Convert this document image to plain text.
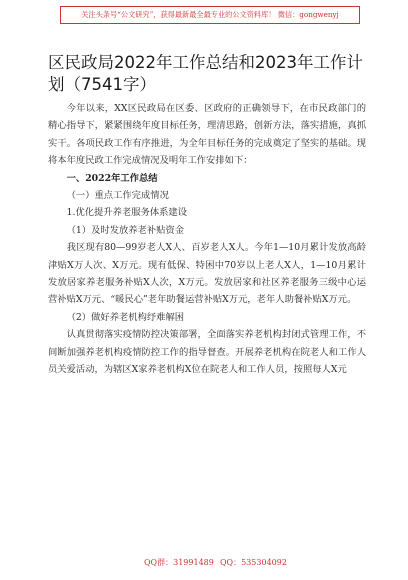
关注头条号“公文研究”，获得最新最全最专业的公文资料库！ 微信：gongwenyj
区民政局2022年工作总结和2023年工作计划（7541字）

今年以来，XX区民政局在区委、区政府的正确领导下，在市民政部门的精心指导下，紧紧围绕年度目标任务，理清思路，创新方法，落实措施，真抓实干。各项民政工作有序推进，为全年目标任务的完成奠定了坚实的基础。现将本年度民政工作完成情况及明年工作安排如下：

一、2022年工作总结

（一）重点工作完成情况

1.优化提升养老服务体系建设

（1）及时发放养老补贴资金

我区现有80—99岁老人X人、百岁老人X人。今年1—10月累计发放高龄津贴X万人次、X万元。现有低保、特困中70岁以上老人X人，1—10月累计发放居家养老服务补贴X人次，X万元。发放居家和社区养老服务三级中心运营补贴X万元、“暖民心”老年助餐运营补贴X万元，老年人助餐补贴X万元。

（2）做好养老机构纾难解困

认真贯彻落实疫情防控决策部署，全面落实养老机构封闭式管理工作，不间断加强养老机构疫情防控工作的指导督查。开展养老机构在院老人和工作人员关爱活动，为辖区X家养老机构X位在院老人和工作人员，按照每人X元

QQ群：31991489 QQ：535304092
